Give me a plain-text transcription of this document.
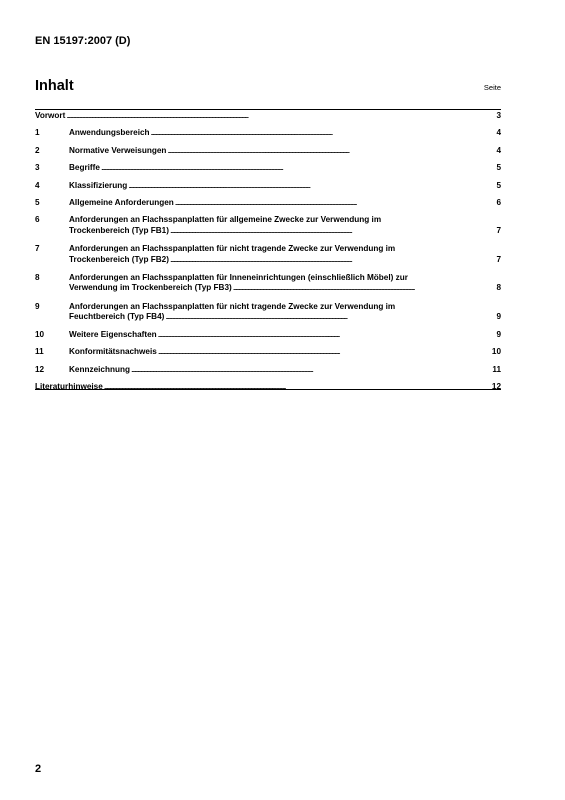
EN 15197:2007 (D)
Inhalt	Seite
Vorwort . . .	3
1	Anwendungsbereich . . .	4
2	Normative Verweisungen . . .	4
3	Begriffe . . .	5
4	Klassifizierung . . .	5
5	Allgemeine Anforderungen . . .	6
6	Anforderungen an Flachsspanplatten für allgemeine Zwecke zur Verwendung im
Trockenbereich (Typ FB1) . . .	7
7	Anforderungen an Flachsspanplatten für nicht tragende Zwecke zur Verwendung im
Trockenbereich (Typ FB2) . . .	7
8	Anforderungen an Flachsspanplatten für Inneneinrichtungen (einschließlich Möbel) zur
Verwendung im Trockenbereich (Typ FB3) . . .	8
9	Anforderungen an Flachsspanplatten für nicht tragende Zwecke zur Verwendung im
Feuchtbereich (Typ FB4) . . .	9
10	Weitere Eigenschaften . . .	9
11	Konformitätsnachweis . . .	10
12	Kennzeichnung . . .	11
Literaturhinweise . . .	12
2
